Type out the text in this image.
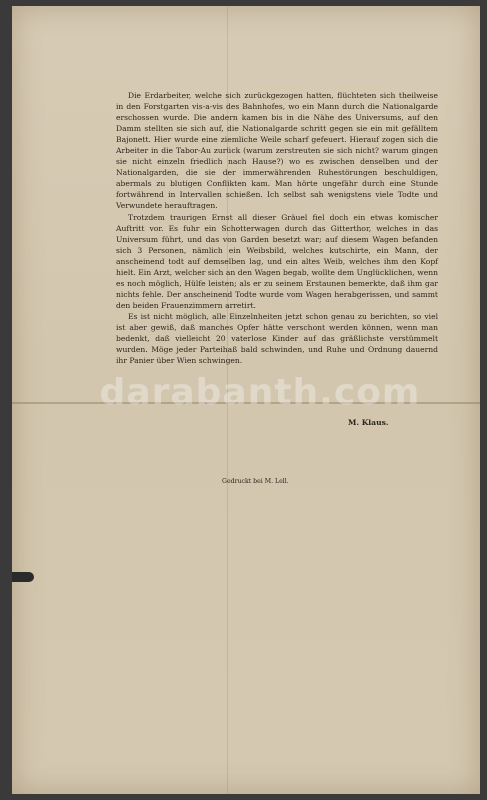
Die Erdarbeiter, welche sich zurückgezogen hatten, flüchteten sich theilweise in den Forstgarten vis-a-vis des Bahnhofes, wo ein Mann durch die Nationalgarde erschossen wurde. Die andern kamen bis in die Nähe des Universums, auf den Damm stellten sie sich auf, die Nationalgarde schritt gegen sie ein mit gefälltem Bajonett. Hier wurde eine ziemliche Weile scharf gefeuert. Hierauf zogen sich die Arbeiter in die Tabor-Au zurück (warum zerstreuten sie sich nicht? warum gingen sie nicht einzeln friedlich nach Hause?) wo es zwischen denselben und der Nationalgarden, die sie der immerwährenden Ruhestörungen beschuldigen, abermals zu blutigen Conflikten kam. Man hörte ungefähr durch eine Stunde fortwährend in Intervallen schießen. Ich selbst sah wenigstens viele Todte und Verwundete herauftragen.

Trotzdem traurigen Ernst all dieser Gräuel fiel doch ein etwas komischer Auftritt vor. Es fuhr ein Schotterwagen durch das Gitterthor, welches in das Universum führt, und das von Garden besetzt war; auf diesem Wagen befanden sich 3 Personen, nämlich ein Weibsbild, welches kutschirte, ein Mann, der anscheinend todt auf demselben lag, und ein altes Weib, welches ihm den Kopf hielt. Ein Arzt, welcher sich an den Wagen begab, wollte dem Unglücklichen, wenn es noch möglich, Hülfe leisten; als er zu seinem Erstaunen bemerkte, daß ihm gar nichts fehle. Der anscheinend Todte wurde vom Wagen herabgerissen, und sammt den beiden Frauenzimmern arretirt.

Es ist nicht möglich, alle Einzelnheiten jetzt schon genau zu berichten, so viel ist aber gewiß, daß manches Opfer hätte verschont werden können, wenn man bedenkt, daß vielleicht 20 vaterlose Kinder auf das gräßlichste verstümmelt wurden. Möge jeder Parteihaß bald schwinden, und Ruhe und Ordnung dauernd ihr Panier über Wien schwingen.

darabanth.com
M. Klaus.
Gedruckt bei M. Lell.
